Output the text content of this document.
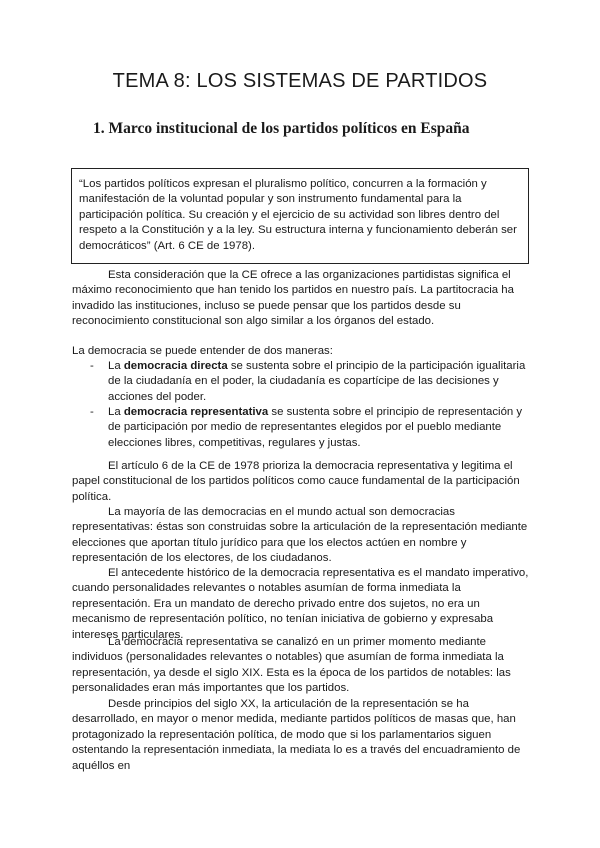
TEMA 8: LOS SISTEMAS DE PARTIDOS
1. Marco institucional de los partidos políticos en España
“Los partidos políticos expresan el pluralismo político, concurren a la formación y manifestación de la voluntad popular y son instrumento fundamental para la participación política. Su creación y el ejercicio de su actividad son libres dentro del respeto a la Constitución y a la ley. Su estructura interna y funcionamiento deberán ser democráticos” (Art. 6 CE de 1978).

Esta consideración que la CE ofrece a las organizaciones partidistas significa el máximo reconocimiento que han tenido los partidos en nuestro país. La partitocracia ha invadido las instituciones, incluso se puede pensar que los partidos desde su reconocimiento constitucional son algo similar a los órganos del estado.

La democracia se puede entender de dos maneras:

- La democracia directa se sustenta sobre el principio de la participación igualitaria de la ciudadanía en el poder, la ciudadanía es copartícipe de las decisiones y acciones del poder.
- La democracia representativa se sustenta sobre el principio de representación y de participación por medio de representantes elegidos por el pueblo mediante elecciones libres, competitivas, regulares y justas.

El artículo 6 de la CE de 1978 prioriza la democracia representativa y legitima el papel constitucional de los partidos políticos como cauce fundamental de la participación política.

La mayoría de las democracias en el mundo actual son democracias representativas: éstas son construidas sobre la articulación de la representación mediante elecciones que aportan título jurídico para que los electos actúen en nombre y representación de los electores, de los ciudadanos.

El antecedente histórico de la democracia representativa es el mandato imperativo, cuando personalidades relevantes o notables asumían de forma inmediata la representación. Era un mandato de derecho privado entre dos sujetos, no era un mecanismo de representación político, no tenían iniciativa de gobierno y expresaba intereses particulares.

La democracia representativa se canalizó en un primer momento mediante individuos (personalidades relevantes o notables) que asumían de forma inmediata la representación, ya desde el siglo XIX. Esta es la época de los partidos de notables: las personalidades eran más importantes que los partidos.

Desde principios del siglo XX, la articulación de la representación se ha desarrollado, en mayor o menor medida, mediante partidos políticos de masas que, han protagonizado la representación política, de modo que si los parlamentarios siguen ostentando la representación inmediata, la mediata lo es a través del encuadramiento de aquéllos en
